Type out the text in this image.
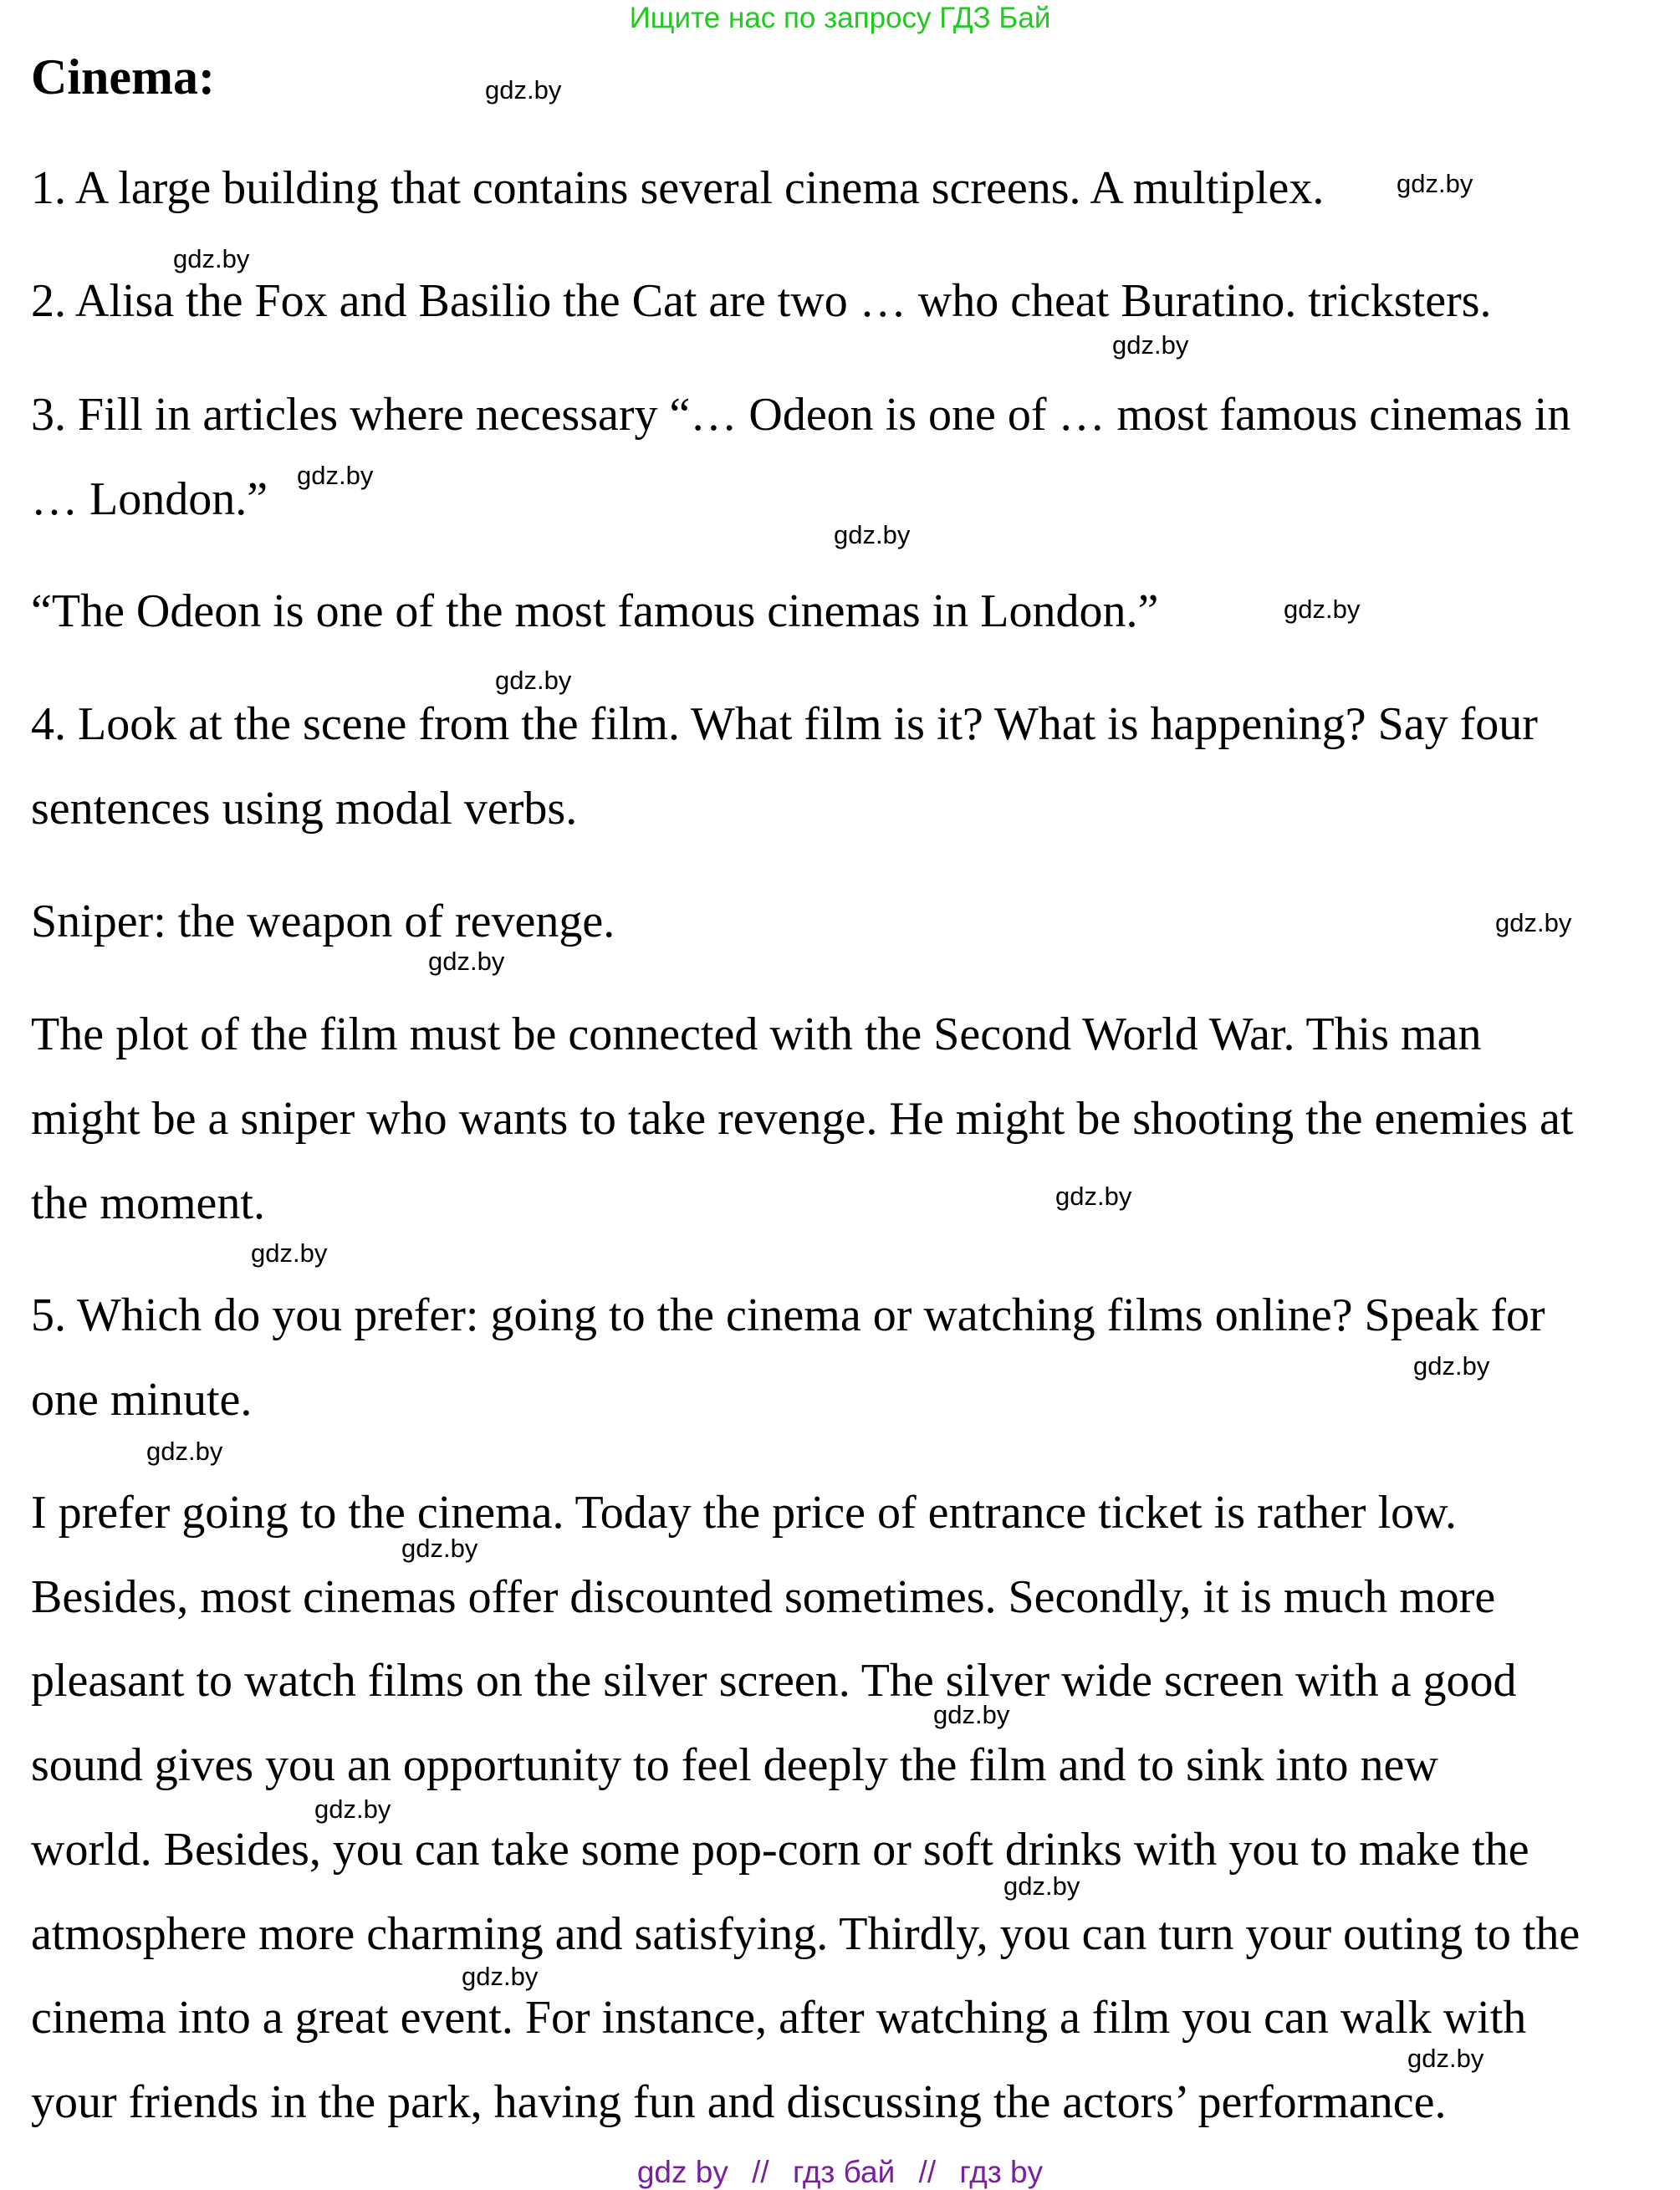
Ищите нас по запросу ГДЗ Бай
Cinema:
1. A large building that contains several cinema screens. A multiplex.
2. Alisa the Fox and Basilio the Cat are two … who cheat Buratino. tricksters.
3. Fill in articles where necessary “… Odeon is one of … most famous cinemas in
… London.”
“The Odeon is one of the most famous cinemas in London.”
4. Look at the scene from the film. What film is it? What is happening? Say four
sentences using modal verbs.
Sniper: the weapon of revenge.
The plot of the film must be connected with the Second World War. This man
might be a sniper who wants to take revenge. He might be shooting the enemies at
the moment.
5. Which do you prefer: going to the cinema or watching films online? Speak for
one minute.
I prefer going to the cinema. Today the price of entrance ticket is rather low.
Besides, most cinemas offer discounted sometimes. Secondly, it is much more
pleasant to watch films on the silver screen. The silver wide screen with a good
sound gives you an opportunity to feel deeply the film and to sink into new
world. Besides, you can take some pop-corn or soft drinks with you to make the
atmosphere more charming and satisfying. Thirdly, you can turn your outing to the
cinema into a great event. For instance, after watching a film you can walk with
your friends in the park, having fun and discussing the actors’ performance.
gdz.by
gdz.by
gdz.by
gdz.by
gdz.by
gdz.by
gdz.by
gdz.by
gdz.by
gdz.by
gdz.by
gdz.by
gdz.by
gdz.by
gdz.by
gdz.by
gdz.by
gdz.by
gdz.by
gdz.by
gdz by // гдз бай // гдз by
